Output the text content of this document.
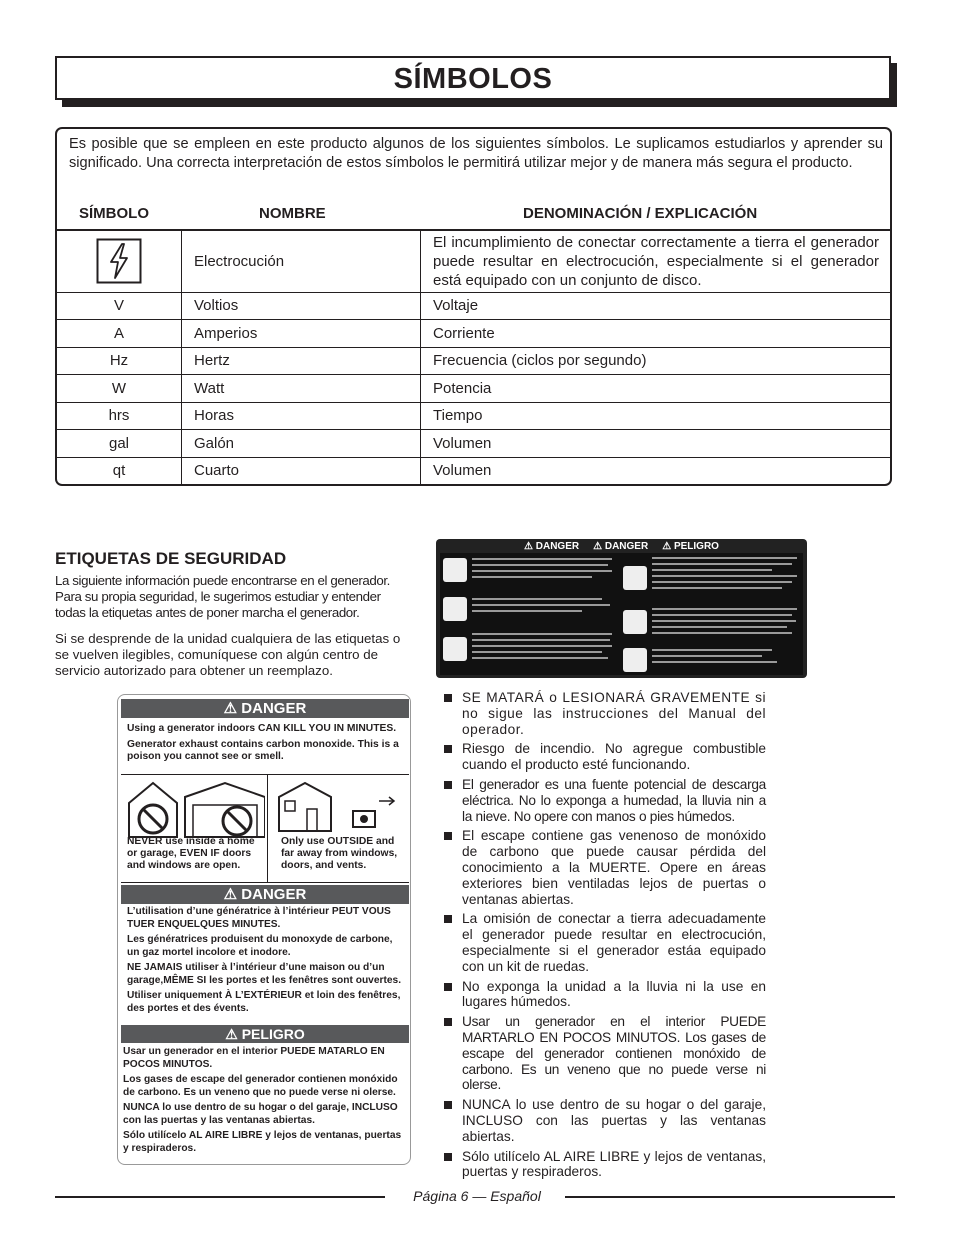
SÍMBOLOS

Es posible que se empleen en este producto algunos de los siguientes símbolos. Le suplicamos estudiarlos y aprender su significado. Una correcta interpretación de estos símbolos le permitirá utilizar mejor y de manera más segura el producto.

SÍMBOLO	NOMBRE	DENOMINACIÓN / EXPLICACIÓN
	Electrocución	El incumplimiento de conectar correctamente a tierra el generador puede resultar en electrocución, especialmente si el generador está equipado con un conjunto de disco.
V	Voltios	Voltaje
A	Amperios	Corriente
Hz	Hertz	Frecuencia (ciclos por segundo)
W	Watt	Potencia
hrs	Horas	Tiempo
gal	Galón	Volumen
qt	Cuarto	Volumen
ETIQUETAS DE SEGURIDAD

La siguiente información puede encontrarse en el generador. Para su propia seguridad, le sugerimos estudiar y entender todas la etiquetas antes de poner marcha el generador.

Si se desprende de la unidad cualquiera de las etiquetas o se vuelven ilegibles, comuníquese con algún centro de servicio autorizado para obtener un reemplazo.

⚠ DANGER ⚠ DANGER ⚠ PELIGRO
⚠ DANGER

Using a generator indoors CAN KILL YOU IN MINUTES.

Generator exhaust contains carbon monoxide. This is a poison you cannot see or smell.

NEVER use inside a home or garage, EVEN IF doors and windows are open.
Only use OUTSIDE and far away from windows, doors, and vents.
⚠ DANGER

L’utilisation d’une génératrice à l’intérieur PEUT VOUS TUER ENQUELQUES MINUTES.

Les génératrices produisent du monoxyde de carbone, un gaz mortel incolore et inodore.

NE JAMAIS utiliser à l’intérieur d’une maison ou d’un garage,MÊME SI les portes et les fenêtres sont ouvertes.

Utiliser uniquement À L’EXTÉRIEUR et loin des fenêtres, des portes et des évents.

⚠ PELIGRO

Usar un generador en el interior PUEDE MATARLO EN POCOS MINUTOS.

Los gases de escape del generador contienen monóxido de carbono. Es un veneno que no puede verse ni olerse.

NUNCA lo use dentro de su hogar o del garaje, INCLUSO con las puertas y las ventanas abiertas.

Sólo utilícelo AL AIRE LIBRE y lejos de ventanas, puertas y respiraderos.

SE MATARÁ o LESIONARÁ GRAVEMENTE si no sigue las instrucciones del Manual del operador.
Riesgo de incendio. No agregue combustible cuando el producto esté funcionando.
El generador es una fuente potencial de descarga eléctrica. No lo exponga a humedad, la lluvia nin a la nieve. No opere con manos o pies húmedos.
El escape contiene gas venenoso de monóxido de carbono que puede causar pérdida del conocimiento a la MUERTE. Opere en áreas exteriores bien ventiladas lejos de puertas o ventanas abiertas.
La omisión de conectar a tierra adecuadamente el generador puede resultar en electrocución, especialmente si el generador estáa equipado con un kit de ruedas.
No exponga la unidad a la lluvia ni la use en lugares húmedos.
Usar un generador en el interior PUEDE MARTARLO EN POCOS MINUTOS. Los gases de escape del generador contienen monóxido de carbono. Es un veneno que no puede verse ni olerse.
NUNCA lo use dentro de su hogar o del garaje, INCLUSO con las puertas y las ventanas abiertas.
Sólo utilícelo AL AIRE LIBRE y lejos de ventanas, puertas y respiraderos.
Página 6 — Español
